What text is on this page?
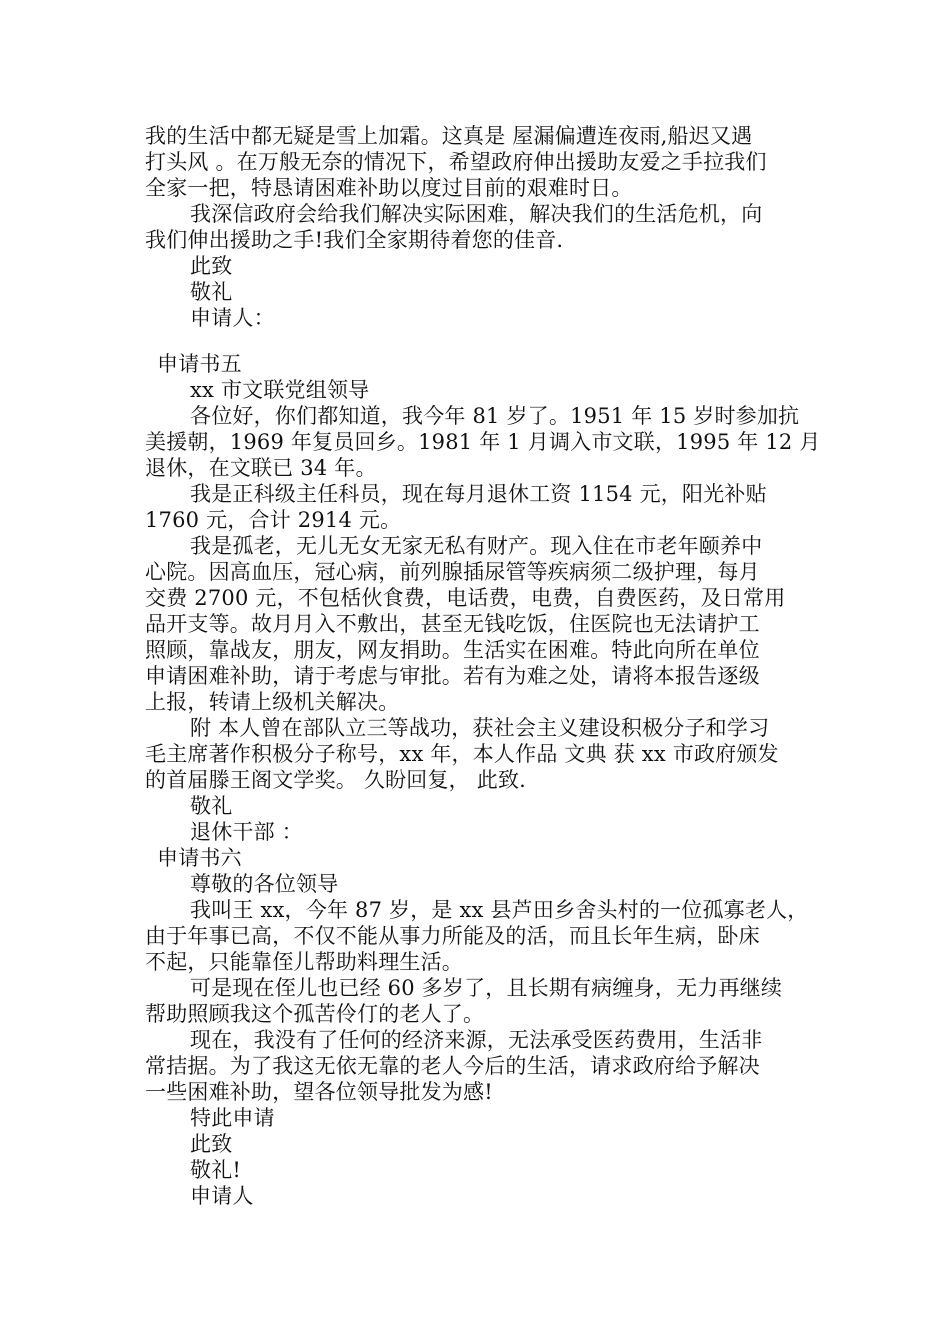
我的生活中都无疑是雪上加霜。这真是 屋漏偏遭连夜雨,船迟又遇
打头风 。在万般无奈的情况下，希望政府伸出援助友爱之手拉我们
全家一把，特恳请困难补助以度过目前的艰难时日。
我深信政府会给我们解决实际困难，解决我们的生活危机，向
我们伸出援助之手!我们全家期待着您的佳音.
此致
敬礼
申请人：
申请书五
xx 市文联党组领导
各位好，你们都知道，我今年 81 岁了。1951 年 15 岁时参加抗
美援朝，1969 年复员回乡。1981 年 1 月调入市文联，1995 年 12 月
退休，在文联已 34 年。
我是正科级主任科员，现在每月退休工资 1154 元，阳光补贴
1760 元，合计 2914 元。
我是孤老，无儿无女无家无私有财产。现入住在市老年颐养中
心院。因高血压，冠心病，前列腺插尿管等疾病须二级护理，每月
交费 2700 元，不包栝伙食费，电话费，电费，自费医药，及日常用
品开支等。故月月入不敷出，甚至无钱吃饭，住医院也无法请护工
照顾，靠战友，朋友，网友捐助。生活实在困难。特此向所在单位
申请困难补助，请于考虑与审批。若有为难之处，请将本报告逐级
上报，转请上级机关解决。
附 本人曾在部队立三等战功，获社会主义建设积极分子和学习
毛主席著作积极分子称号，xx 年，本人作品 文典 获 xx 市政府颁发
的首届滕王阁文学奖。 久盼回复， 此致.
敬礼
退休干部 ：
申请书六
尊敬的各位领导
我叫王 xx，今年 87 岁，是 xx 县芦田乡舍头村的一位孤寡老人，
由于年事已高，不仅不能从事力所能及的活，而且长年生病，卧床
不起，只能靠侄儿帮助料理生活。
可是现在侄儿也已经 60 多岁了，且长期有病缠身，无力再继续
帮助照顾我这个孤苦伶仃的老人了。
现在，我没有了任何的经济来源，无法承受医药费用，生活非
常拮据。为了我这无依无靠的老人今后的生活，请求政府给予解决
一些困难补助，望各位领导批发为感!
特此申请
此致
敬礼!
申请人
